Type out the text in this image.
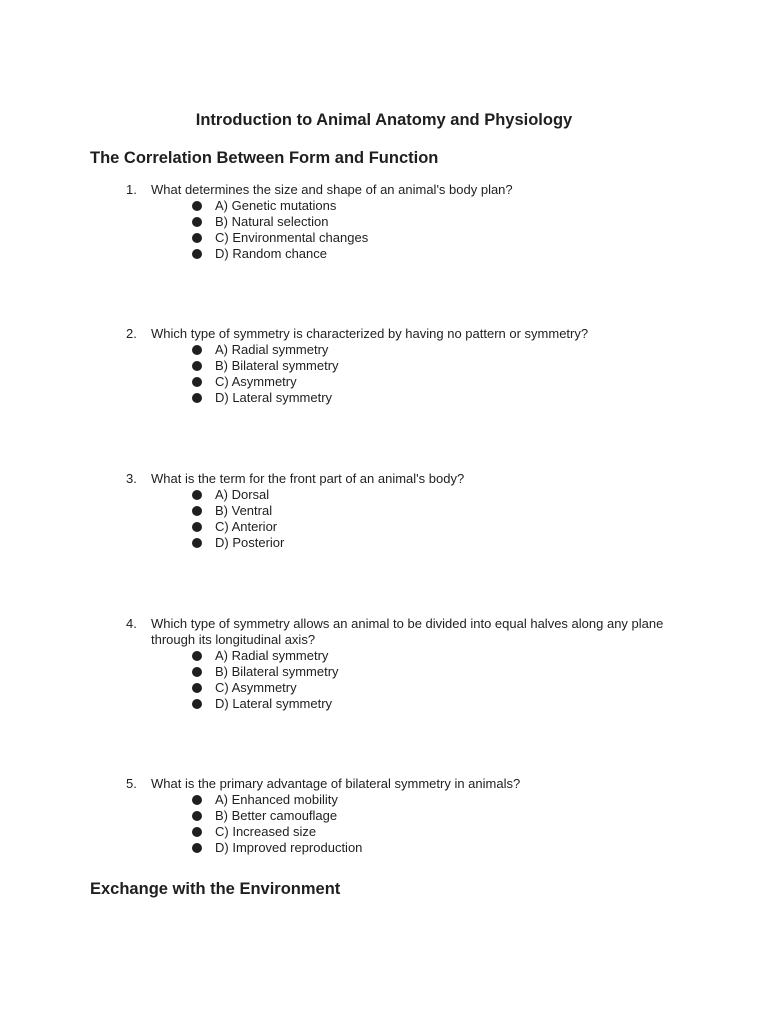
Introduction to Animal Anatomy and Physiology
The Correlation Between Form and Function
1.	What determines the size and shape of an animal's body plan?
A) Genetic mutations
B) Natural selection
C) Environmental changes
D) Random chance
2.	Which type of symmetry is characterized by having no pattern or symmetry?
A) Radial symmetry
B) Bilateral symmetry
C) Asymmetry
D) Lateral symmetry
3.	What is the term for the front part of an animal's body?
A) Dorsal
B) Ventral
C) Anterior
D) Posterior
4.	Which type of symmetry allows an animal to be divided into equal halves along any plane through its longitudinal axis?
A) Radial symmetry
B) Bilateral symmetry
C) Asymmetry
D) Lateral symmetry
5.	What is the primary advantage of bilateral symmetry in animals?
A) Enhanced mobility
B) Better camouflage
C) Increased size
D) Improved reproduction
Exchange with the Environment
